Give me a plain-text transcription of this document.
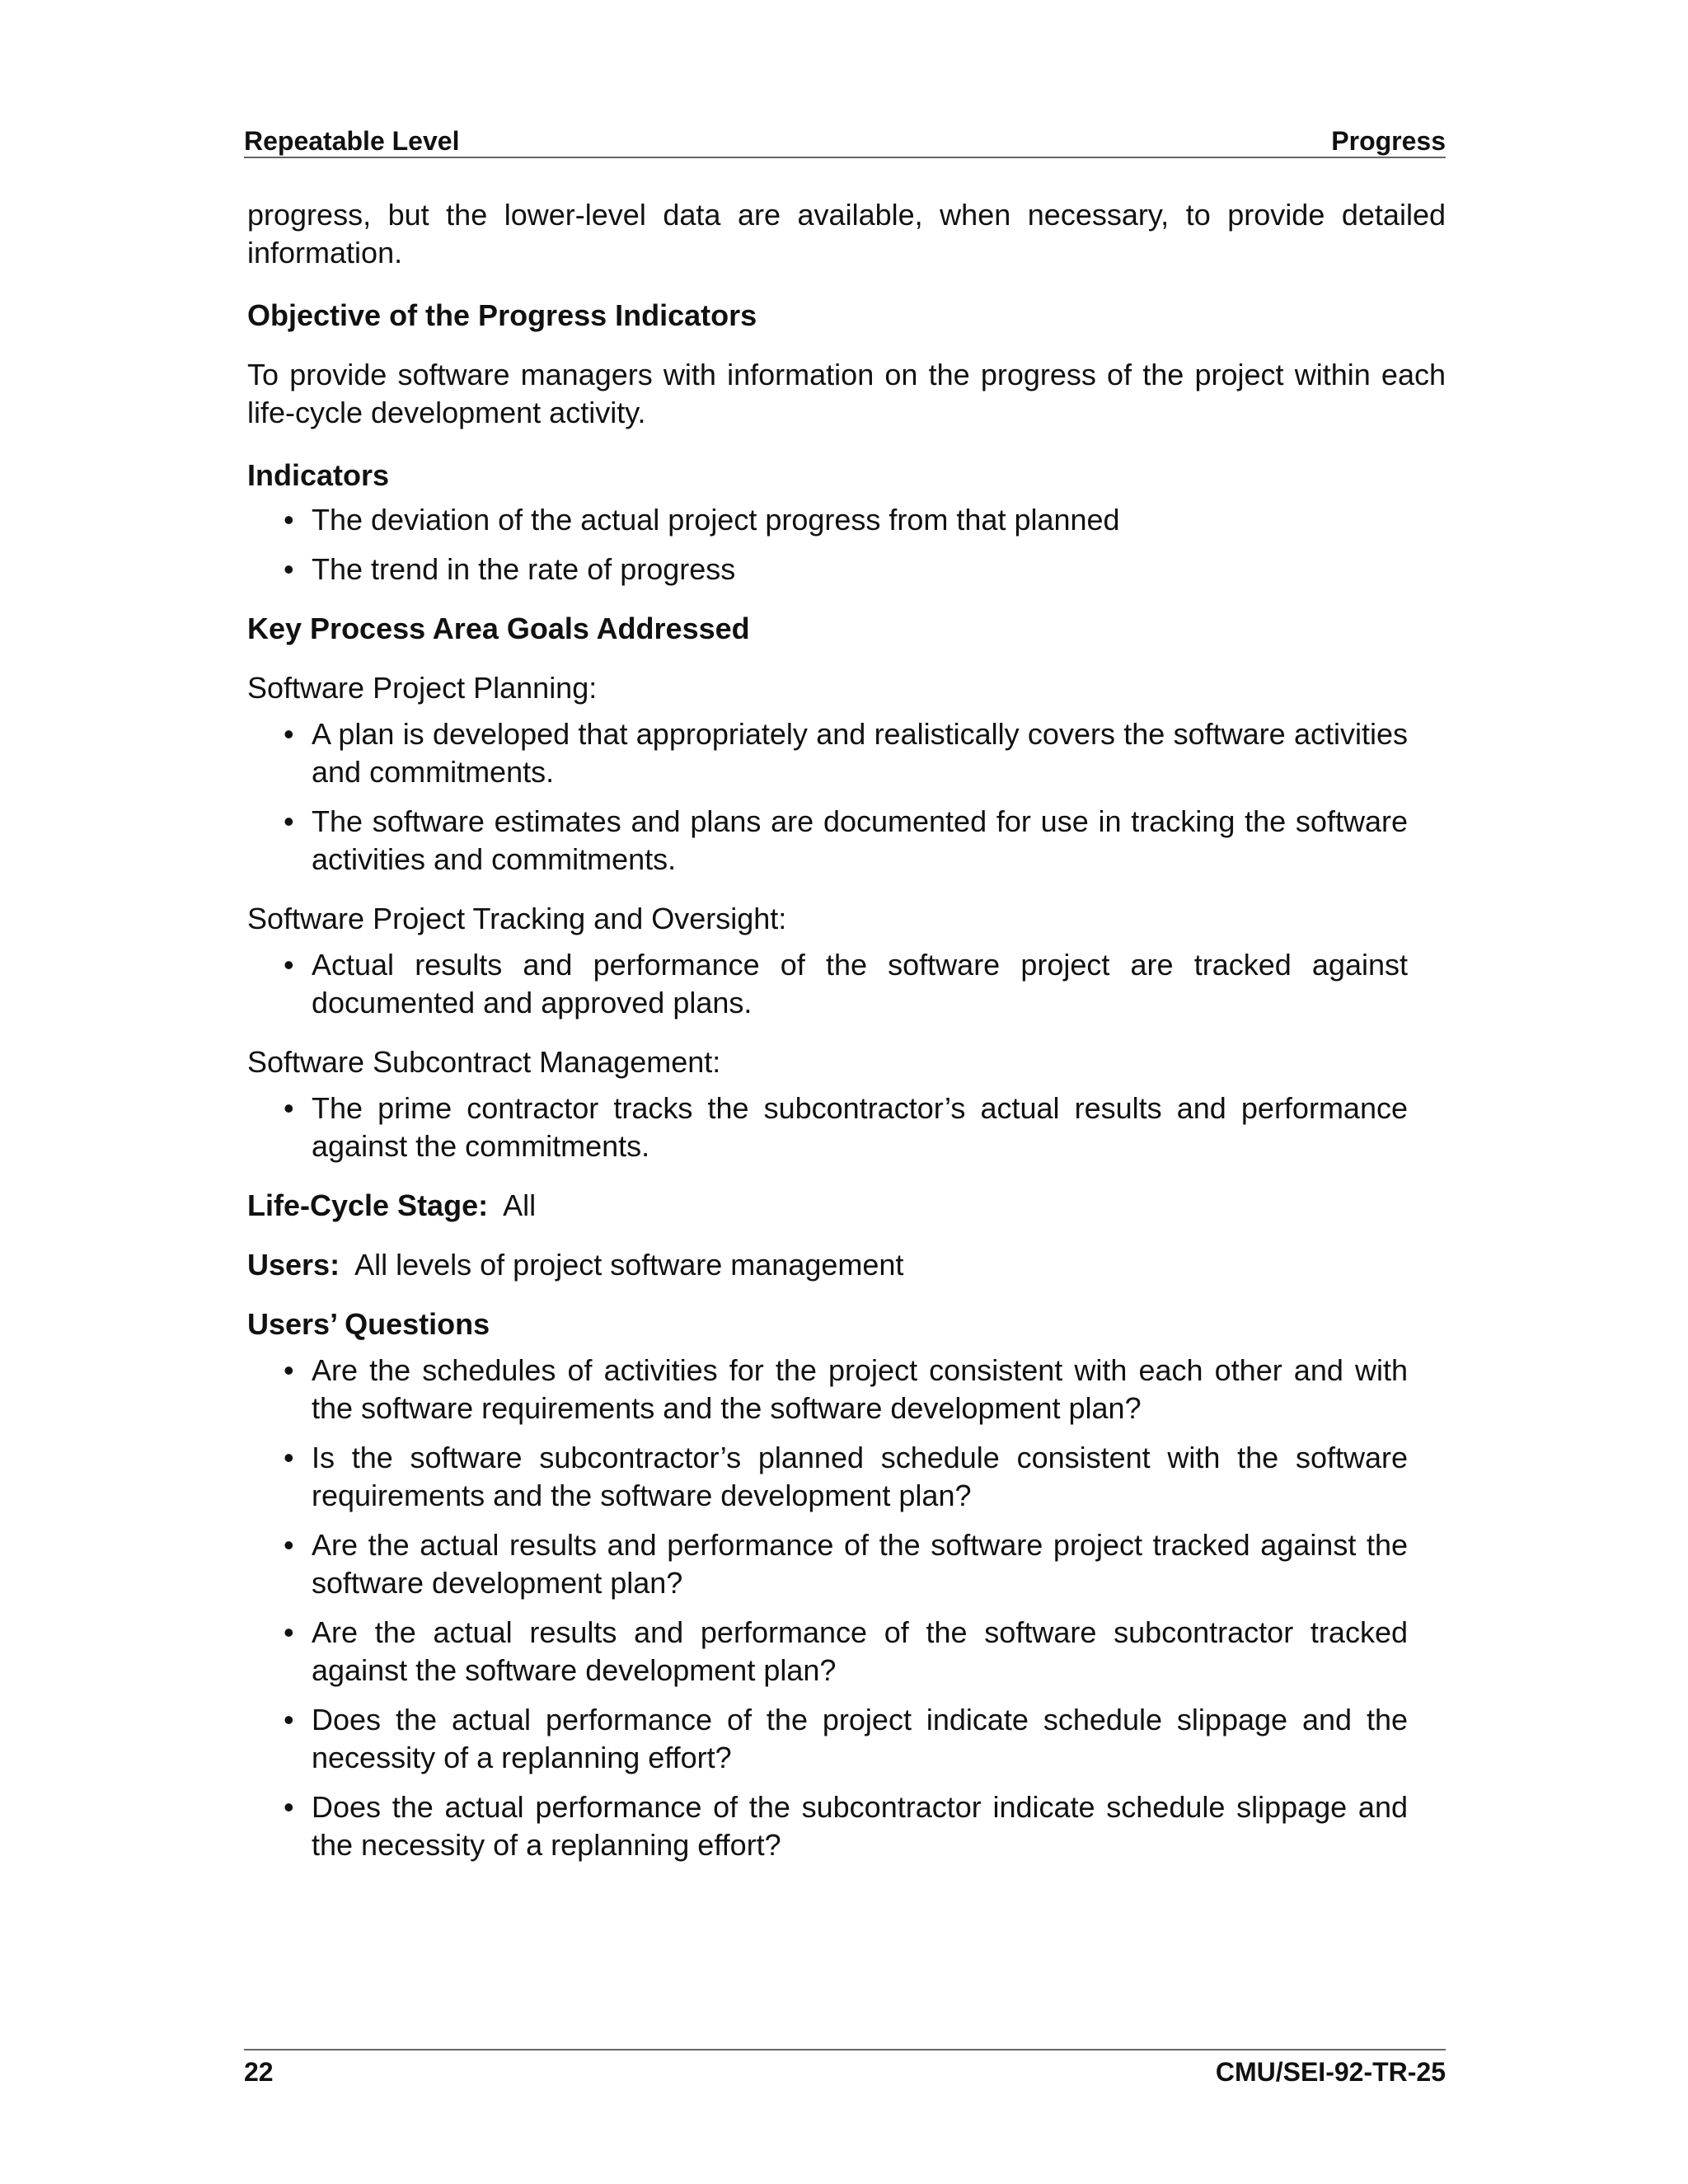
Repeatable Level	Progress

progress, but the lower-level data are available, when necessary, to provide detailed information.

Objective of the Progress Indicators

To provide software managers with information on the progress of the project within each life-cycle development activity.

Indicators

• The deviation of the actual project progress from that planned
• The trend in the rate of progress

Key Process Area Goals Addressed

Software Project Planning:

• A plan is developed that appropriately and realistically covers the software activities and commitments.
• The software estimates and plans are documented for use in tracking the software activities and commitments.

Software Project Tracking and Oversight:

• Actual results and performance of the software project are tracked against documented and approved plans.

Software Subcontract Management:

• The prime contractor tracks the subcontractor’s actual results and performance against the commitments.

Life-Cycle Stage: All

Users: All levels of project software management

Users’ Questions

• Are the schedules of activities for the project consistent with each other and with the software requirements and the software development plan?
• Is the software subcontractor’s planned schedule consistent with the software requirements and the software development plan?
• Are the actual results and performance of the software project tracked against the software development plan?
• Are the actual results and performance of the software subcontractor tracked against the software development plan?
• Does the actual performance of the project indicate schedule slippage and the necessity of a replanning effort?
• Does the actual performance of the subcontractor indicate schedule slippage and the necessity of a replanning effort?
22	CMU/SEI-92-TR-25
